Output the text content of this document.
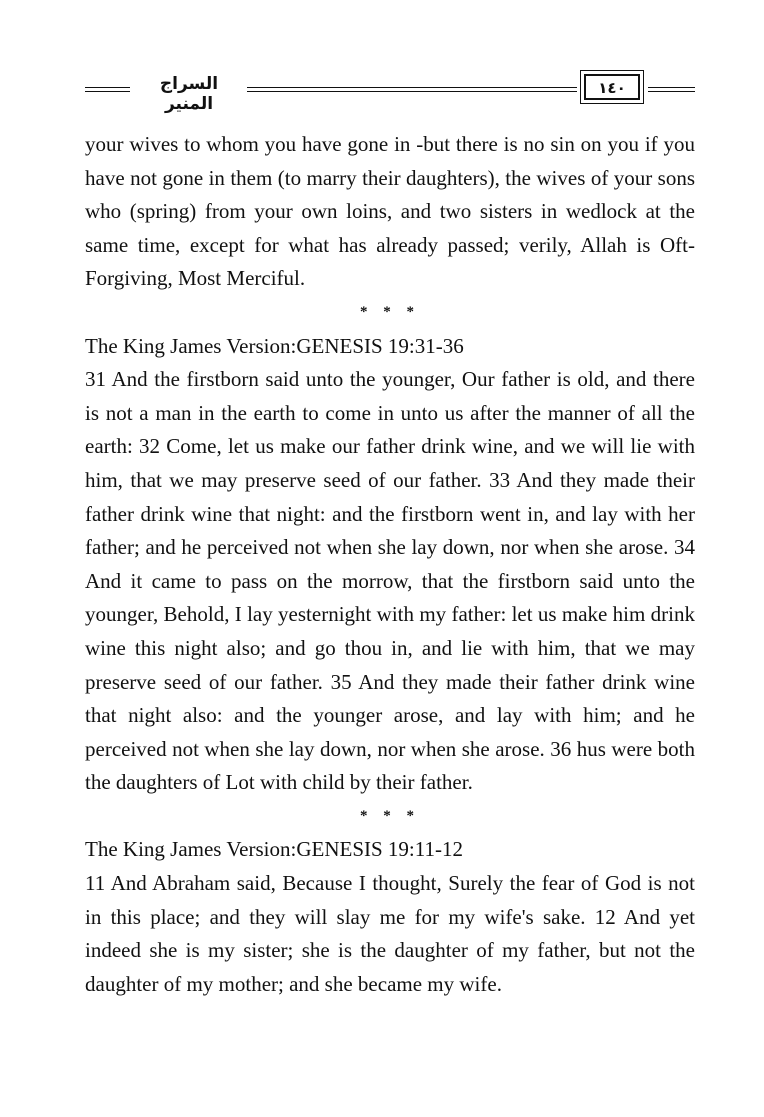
السراج المنير
١٤٠

your wives to whom you have gone in -but there is no sin on you if you have not gone in them (to marry their daughters), the wives of your sons who (spring) from your own loins, and two sisters in wedlock at the same time, except for what has already passed; verily, Allah is Oft-Forgiving, Most Merciful.

* * *

The King James Version:GENESIS 19:31-36

31 And the firstborn said unto the younger, Our father is old, and there is not a man in the earth to come in unto us after the manner of all the earth: 32 Come, let us make our father drink wine, and we will lie with him, that we may preserve seed of our father. 33 And they made their father drink wine that night: and the firstborn went in, and lay with her father; and he perceived not when she lay down, nor when she arose. 34 And it came to pass on the morrow, that the firstborn said unto the younger, Behold, I lay yesternight with my father: let us make him drink wine this night also; and go thou in, and lie with him, that we may preserve seed of our father. 35 And they made their father drink wine that night also: and the younger arose, and lay with him; and he perceived not when she lay down, nor when she arose. 36 hus were both the daughters of Lot with child by their father.

* * *

The King James Version:GENESIS 19:11-12

11 And Abraham said, Because I thought, Surely the fear of God is not in this place; and they will slay me for my wife's sake. 12 And yet indeed she is my sister; she is the daughter of my father, but not the daughter of my mother; and she became my wife.
